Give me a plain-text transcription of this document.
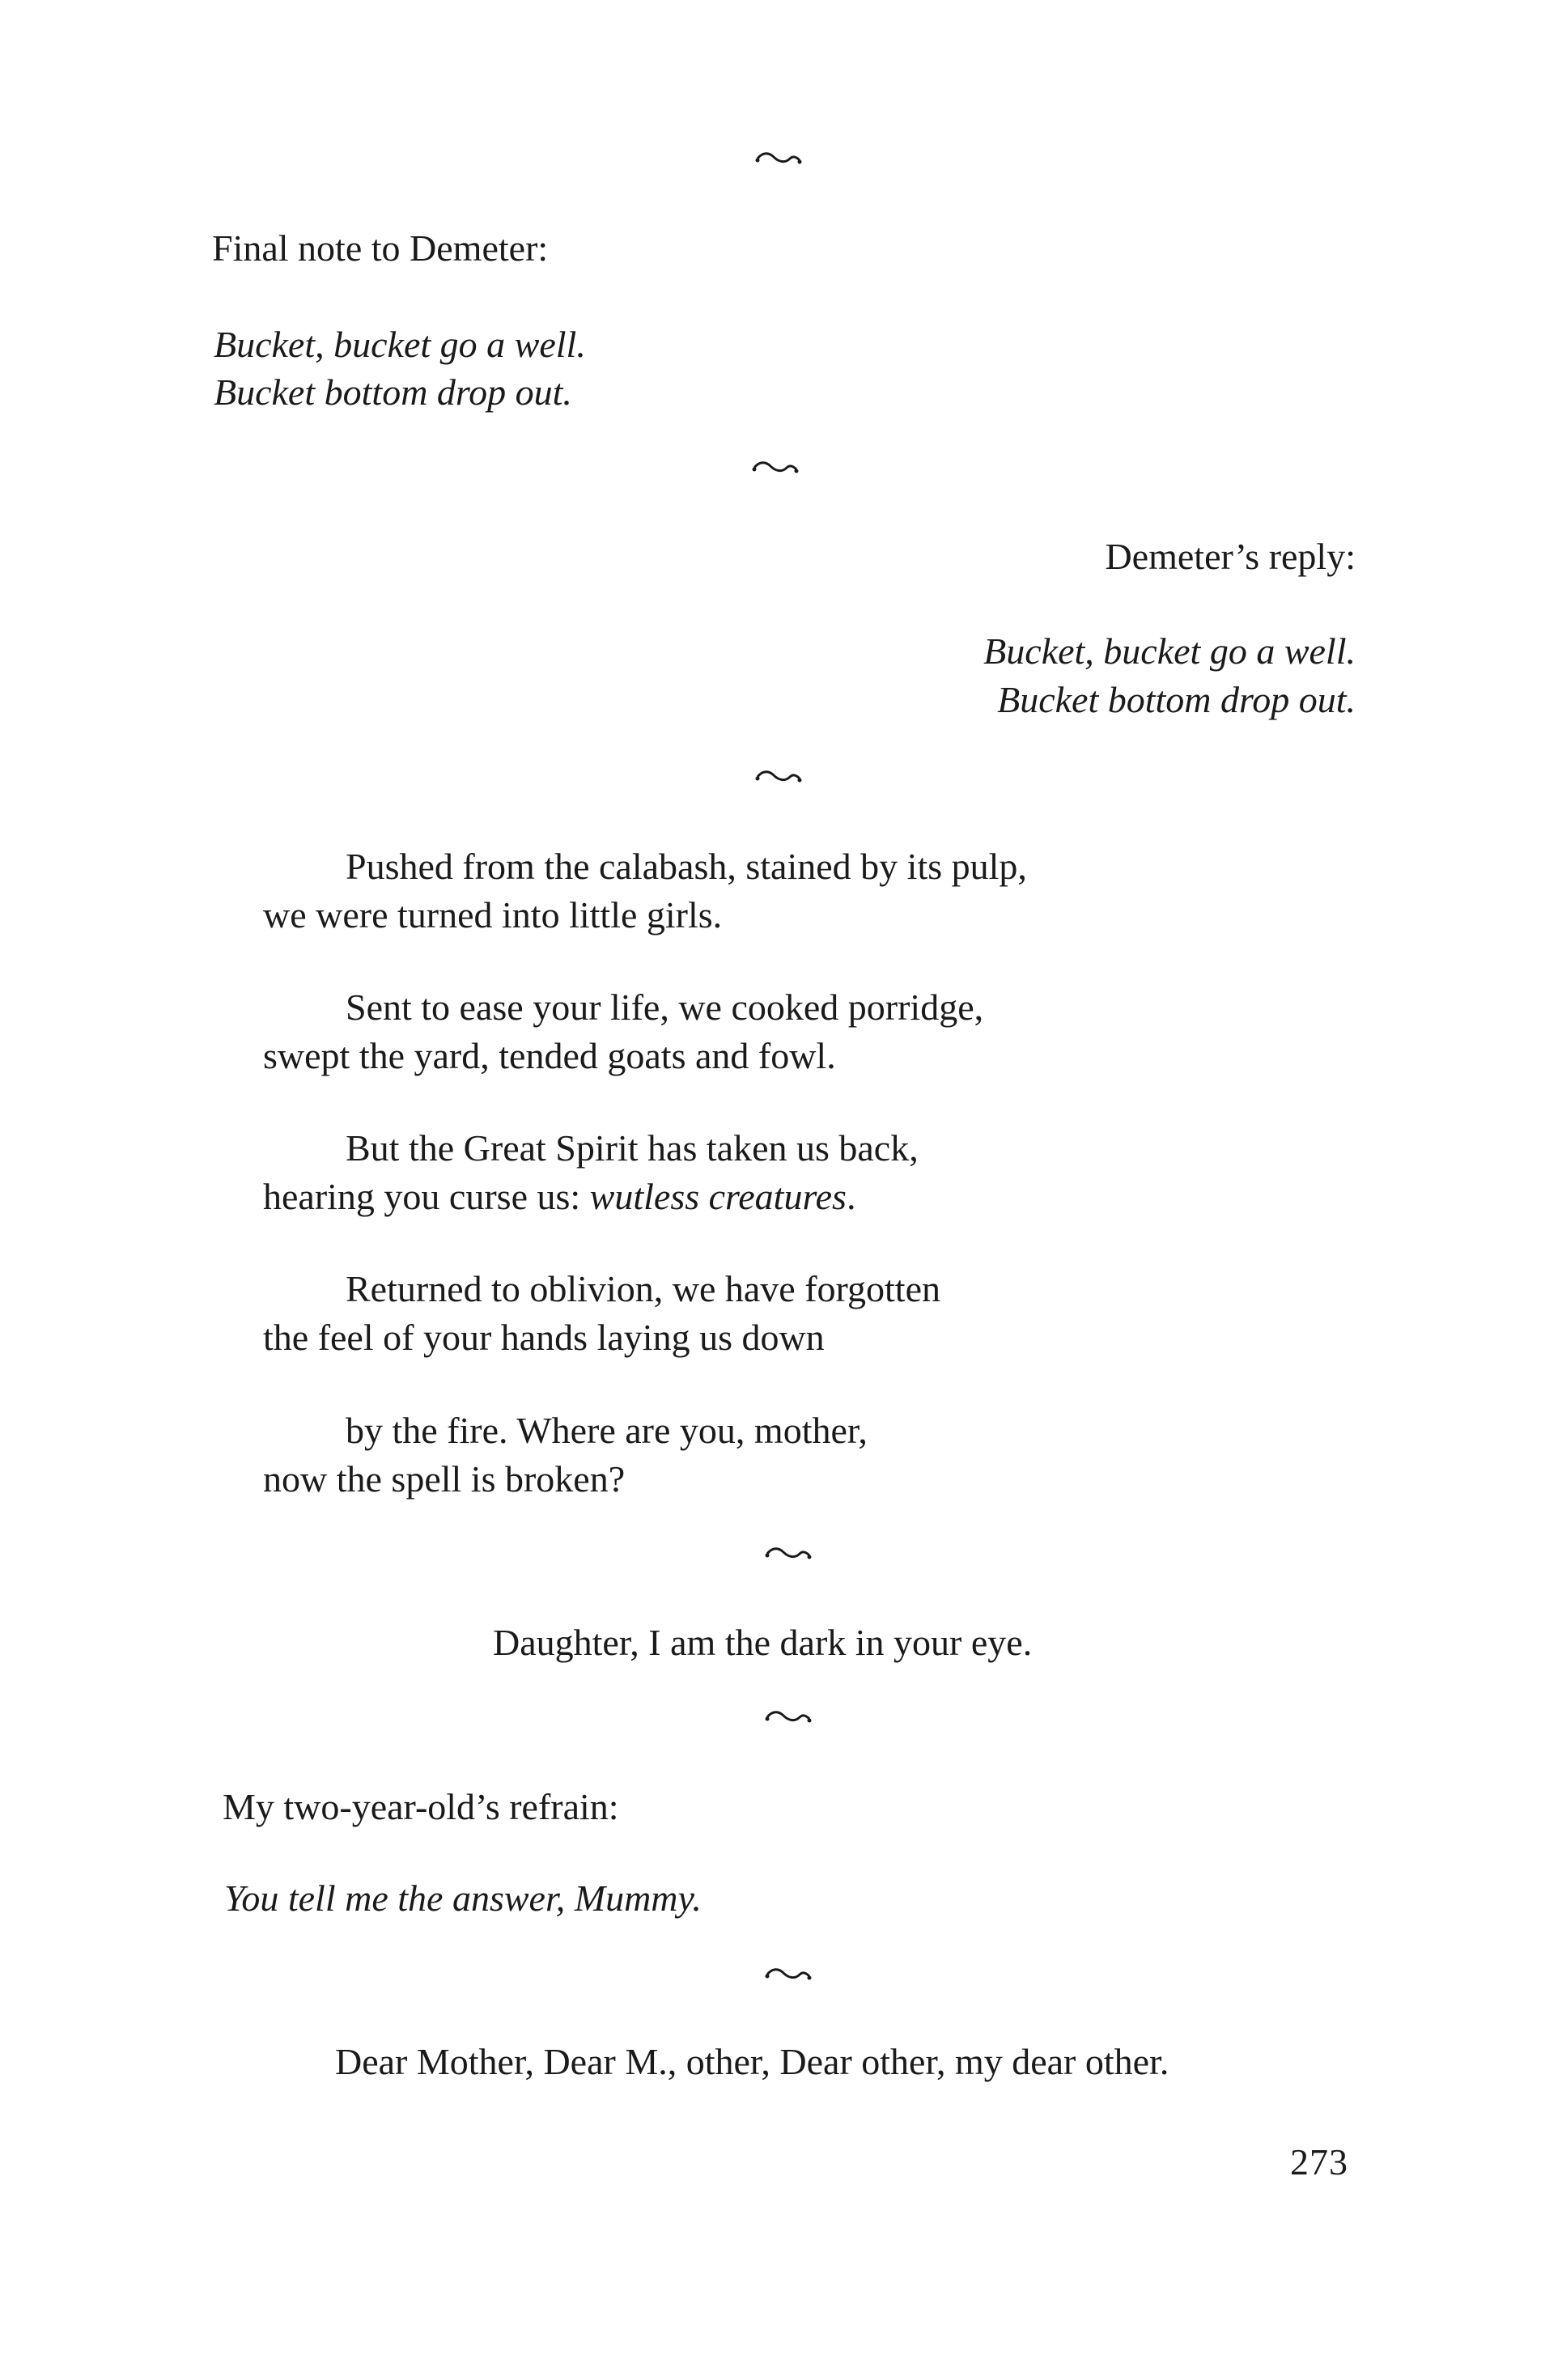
Final note to Demeter:
Bucket, bucket go a well.
Bucket bottom drop out.
Demeter’s reply:
Bucket, bucket go a well.
Bucket bottom drop out.
Pushed from the calabash, stained by its pulp,
we were turned into little girls.
Sent to ease your life, we cooked porridge,
swept the yard, tended goats and fowl.
But the Great Spirit has taken us back,
hearing you curse us: wutless creatures.
Returned to oblivion, we have forgotten
the feel of your hands laying us down
by the fire. Where are you, mother,
now the spell is broken?
Daughter, I am the dark in your eye.
My two-year-old’s refrain:
You tell me the answer, Mummy.
Dear Mother, Dear M., other, Dear other, my dear other.
273
